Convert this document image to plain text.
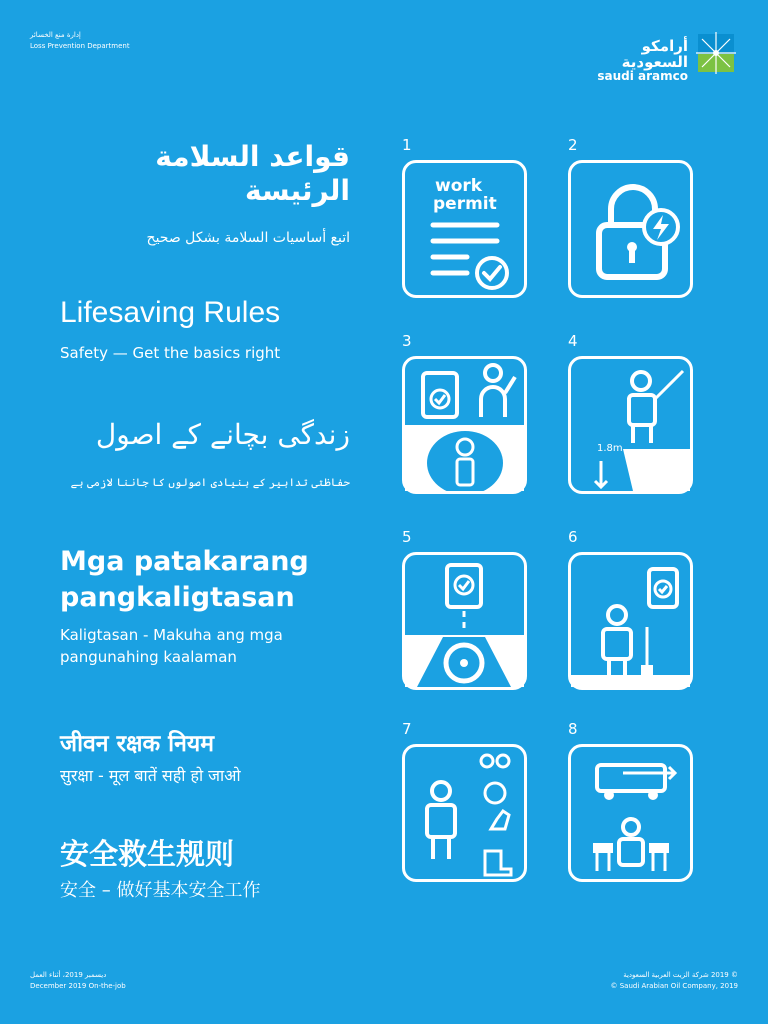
إدارة منع الخسائر
Loss Prevention Department	أرامكو السعودية
saudi aramco
قواعد السلامة الرئيسة
اتبع أساسيات السلامة بشكل صحيح
Lifesaving Rules
Safety — Get the basics right
زندگی بچانے کے اصول
حفاظتی تدابیر کے بنیادی اصولوں کا جاننا لازمی ہے
Mga patakarang pangkaligtasan
Kaligtasan - Makuha ang mga pangunahing kaalaman
जीवन रक्षक नियम
सुरक्षा - मूल बातें सही हो जाओ
安全救生规则
安全 – 做好基本安全工作
1
work
permit
2
3	4
1.8m
5	6
7	8
ديسمبر 2019، أثناء العمل
December 2019 On-the-job
© 2019 شركة الزيت العربية السعودية
© Saudi Arabian Oil Company, 2019
